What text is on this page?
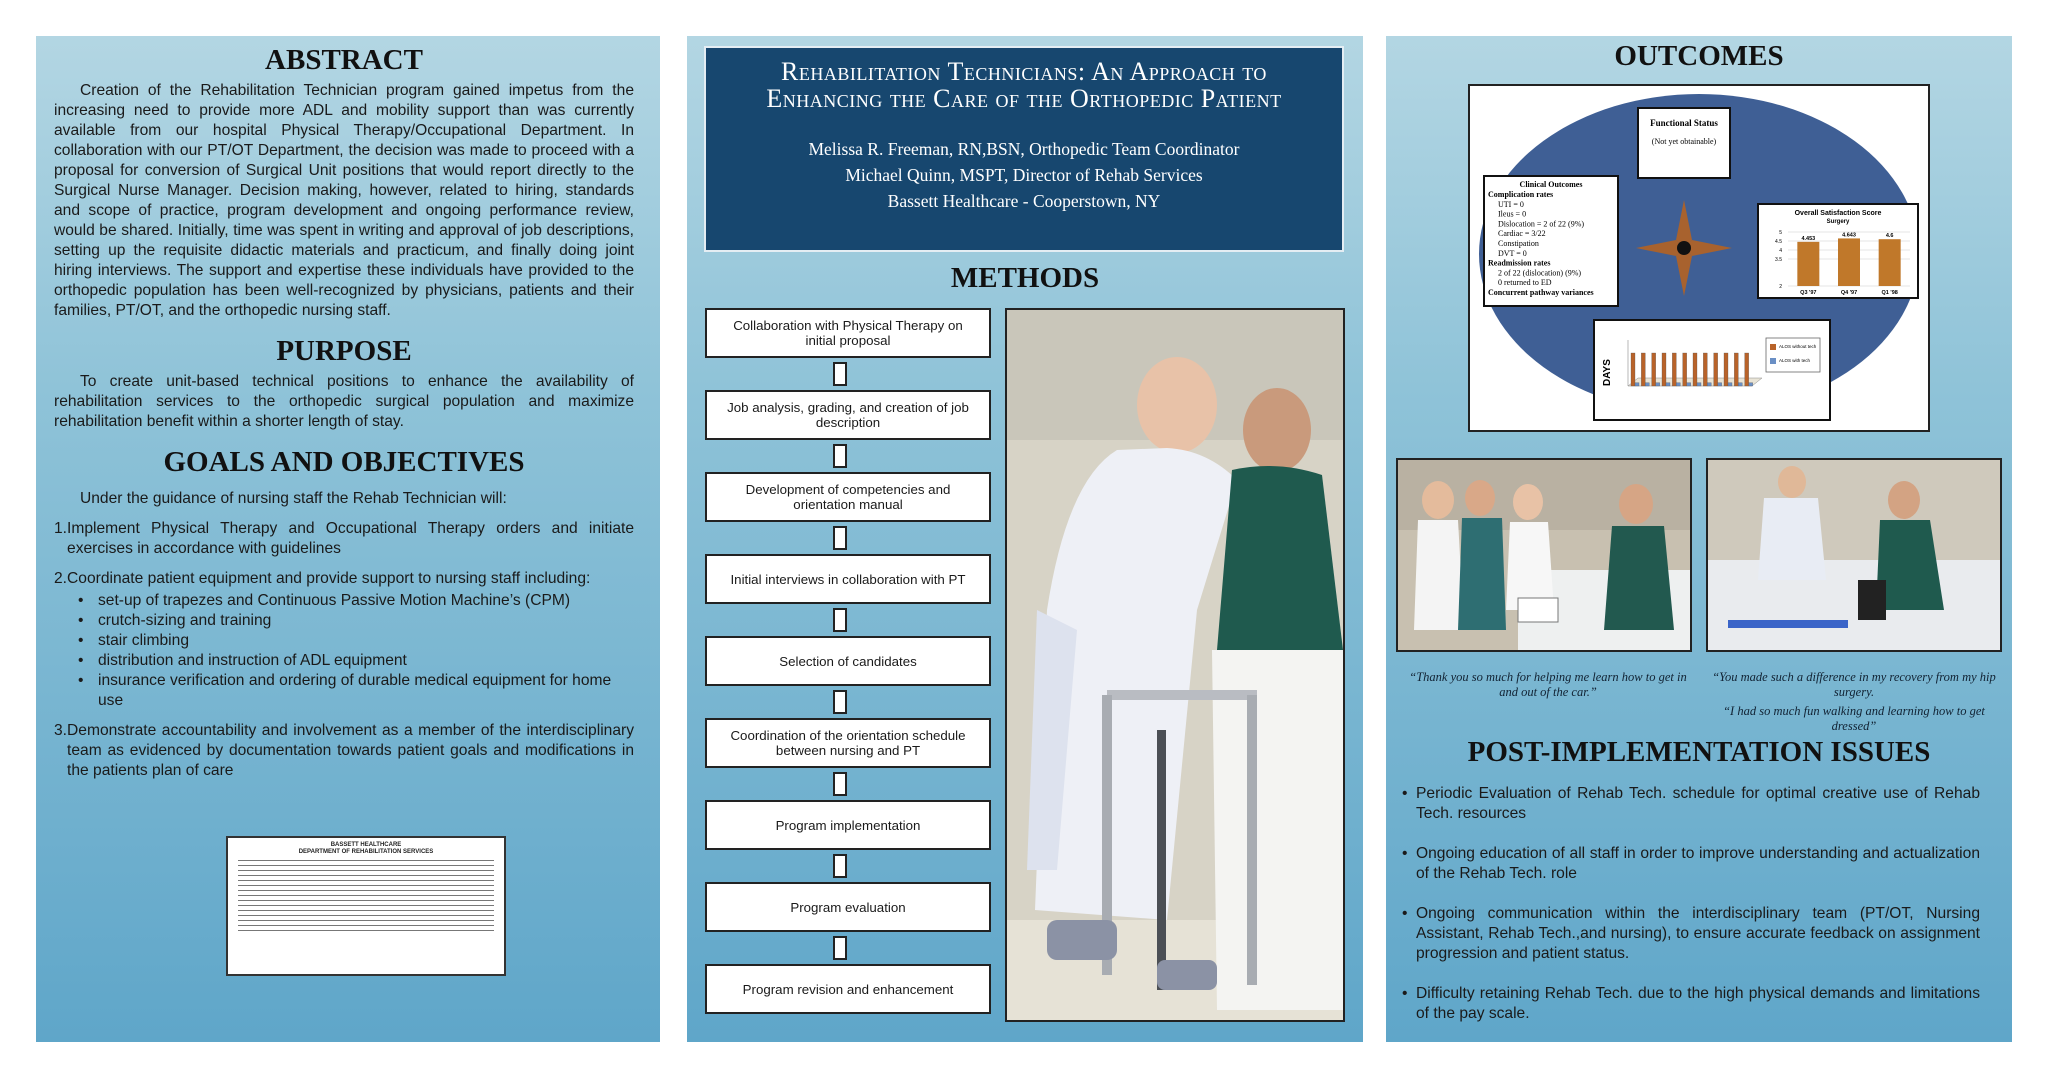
ABSTRACT

Creation of the Rehabilitation Technician program gained impetus from the increasing need to provide more ADL and mobility support than was currently available from our hospital Physical Therapy/Occupational Department. In collaboration with our PT/OT Department, the decision was made to proceed with a proposal for conversion of Surgical Unit positions that would report directly to the Surgical Nurse Manager. Decision making, however, related to hiring, standards and scope of practice, program development and ongoing performance review, would be shared. Initially, time was spent in writing and approval of job descriptions, setting up the requisite didactic materials and practicum, and finally doing joint hiring interviews. The support and expertise these individuals have provided to the orthopedic population has been well-recognized by physicians, patients and their families, PT/OT, and the orthopedic nursing staff.

PURPOSE

To create unit-based technical positions to enhance the availability of rehabilitation services to the orthopedic surgical population and maximize rehabilitation benefit within a shorter length of stay.

GOALS AND OBJECTIVES

Under the guidance of nursing staff the Rehab Technician will:

1. Implement Physical Therapy and Occupational Therapy orders and initiate exercises in accordance with guidelines
2. Coordinate patient equipment and provide support to nursing staff including:
• set-up of trapezes and Continuous Passive Motion Machine’s (CPM)
• crutch-sizing and training
• stair climbing
• distribution and instruction of ADL equipment
• insurance verification and ordering of durable medical equipment for home use
3. Demonstrate accountability and involvement as a member of the interdisciplinary team as evidenced by documentation towards patient goals and modifications in the patients plan of care
BASSETT HEALTHCARE
DEPARTMENT OF REHABILITATION SERVICES
Rehabilitation Technicians: An Approach to Enhancing the Care of the Orthopedic Patient
Melissa R. Freeman, RN,BSN, Orthopedic Team Coordinator
Michael Quinn, MSPT, Director of Rehab Services
Bassett Healthcare - Cooperstown, NY
METHODS
Collaboration with Physical Therapy on initial proposal
Job analysis, grading, and creation of job description
Development of competencies and orientation manual
Initial interviews in collaboration with PT
Selection of candidates
Coordination of the orientation schedule between nursing and PT
Program implementation
Program evaluation
Program revision and enhancement
OUTCOMES
Functional Status
(Not yet obtainable)
Clinical Outcomes
Complication rates
UTI = 0
Ileus = 0
Dislocation = 2 of 22 (9%)
Cardiac = 3/22
Constipation
DVT = 0
Readmission rates
2 of 22 (dislocation) (9%)
0 returned to ED
Concurrent pathway variances
Overall Satisfaction Score
Surgery
2
3.5
4
4.5
5
4.453
Q3 '97
4.643
Q4 '97
4.6
Q1 '98
DAYS
ALOS without tech
ALOS with tech
“Thank you so much for helping me learn how to get in and out of the car.”
“You made such a difference in my recovery from my hip surgery.
“I had so much fun walking and learning how to get dressed”
POST-IMPLEMENTATION ISSUES
• Periodic Evaluation of Rehab Tech. schedule for optimal creative use of Rehab Tech. resources
• Ongoing education of all staff in order to improve understanding and actualization of the Rehab Tech. role
• Ongoing communication within the interdisciplinary team (PT/OT, Nursing Assistant, Rehab Tech.,and nursing), to ensure accurate feedback on assignment progression and patient status.
• Difficulty retaining Rehab Tech. due to the high physical demands and limitations of the pay scale.
